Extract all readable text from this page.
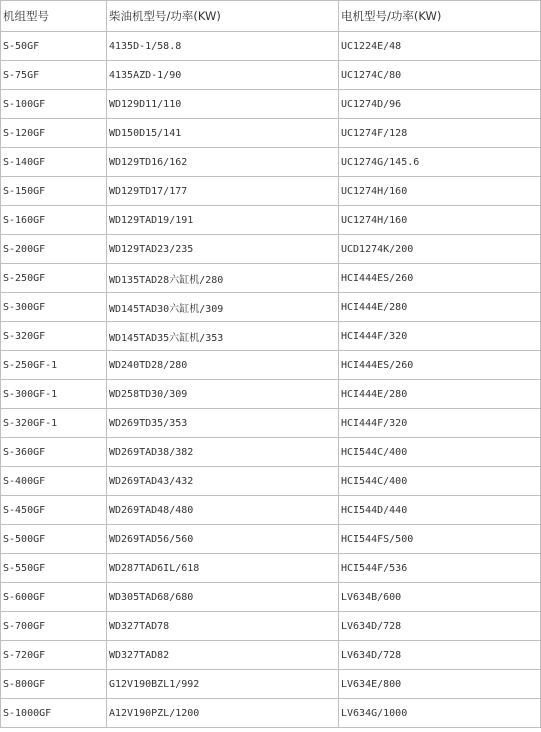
机组型号	柴油机型号/功率(KW)	电机型号/功率(KW)
S-50GF	4135D-1/58.8	UC1224E/48
S-75GF	4135AZD-1/90	UC1274C/80
S-100GF	WD129D11/110	UC1274D/96
S-120GF	WD150D15/141	UC1274F/128
S-140GF	WD129TD16/162	UC1274G/145.6
S-150GF	WD129TD17/177	UC1274H/160
S-160GF	WD129TAD19/191	UC1274H/160
S-200GF	WD129TAD23/235	UCD1274K/200
S-250GF	WD135TAD28六缸机/280	HCI444ES/260
S-300GF	WD145TAD30六缸机/309	HCI444E/280
S-320GF	WD145TAD35六缸机/353	HCI444F/320
S-250GF-1	WD240TD28/280	HCI444ES/260
S-300GF-1	WD258TD30/309	HCI444E/280
S-320GF-1	WD269TD35/353	HCI444F/320
S-360GF	WD269TAD38/382	HCI544C/400
S-400GF	WD269TAD43/432	HCI544C/400
S-450GF	WD269TAD48/480	HCI544D/440
S-500GF	WD269TAD56/560	HCI544FS/500
S-550GF	WD287TAD6IL/618	HCI544F/536
S-600GF	WD305TAD68/680	LV634B/600
S-700GF	WD327TAD78	LV634D/728
S-720GF	WD327TAD82	LV634D/728
S-800GF	G12V190BZL1/992	LV634E/800
S-1000GF	A12V190PZL/1200	LV634G/1000
